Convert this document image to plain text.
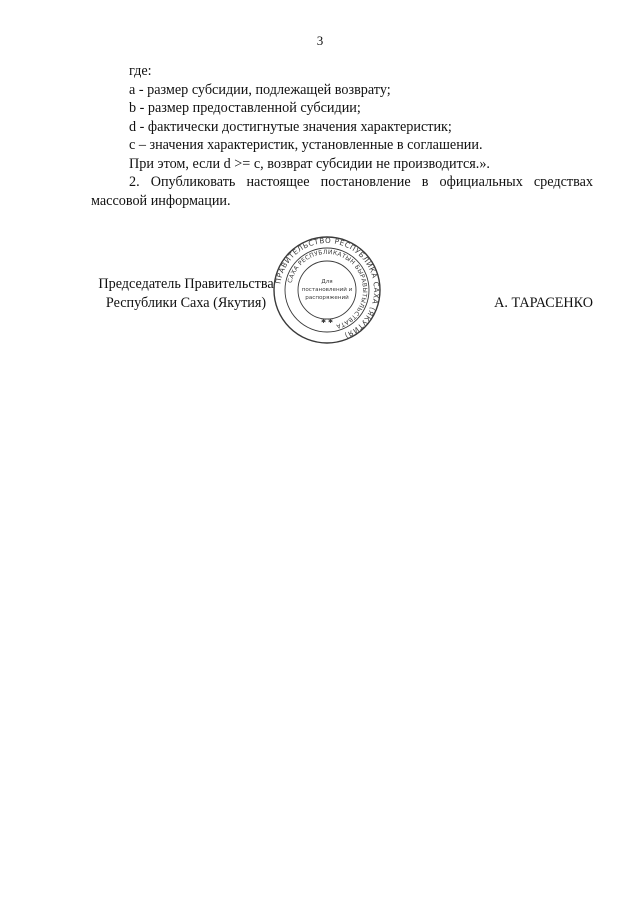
3
где:
a - размер субсидии, подлежащей возврату;
b - размер предоставленной субсидии;
d - фактически достигнутые значения характеристик;
c – значения характеристик, установленные в соглашении.
При этом, если d >= c, возврат субсидии не производится.».
2. Опубликовать настоящее постановление в официальных средствах массовой информации.
ПРАВИТЕЛЬСТВО РЕСПУБЛИКА САХА (ЯКУТИЯ)
САХА РЕСПУБЛИКАТЫН БЫРАВЫТЫЛЬСТВАТА
Для
постановлений и
распоряжений
✱ ✱
Председатель Правительства
Республики Саха (Якутия)	А. ТАРАСЕНКО
